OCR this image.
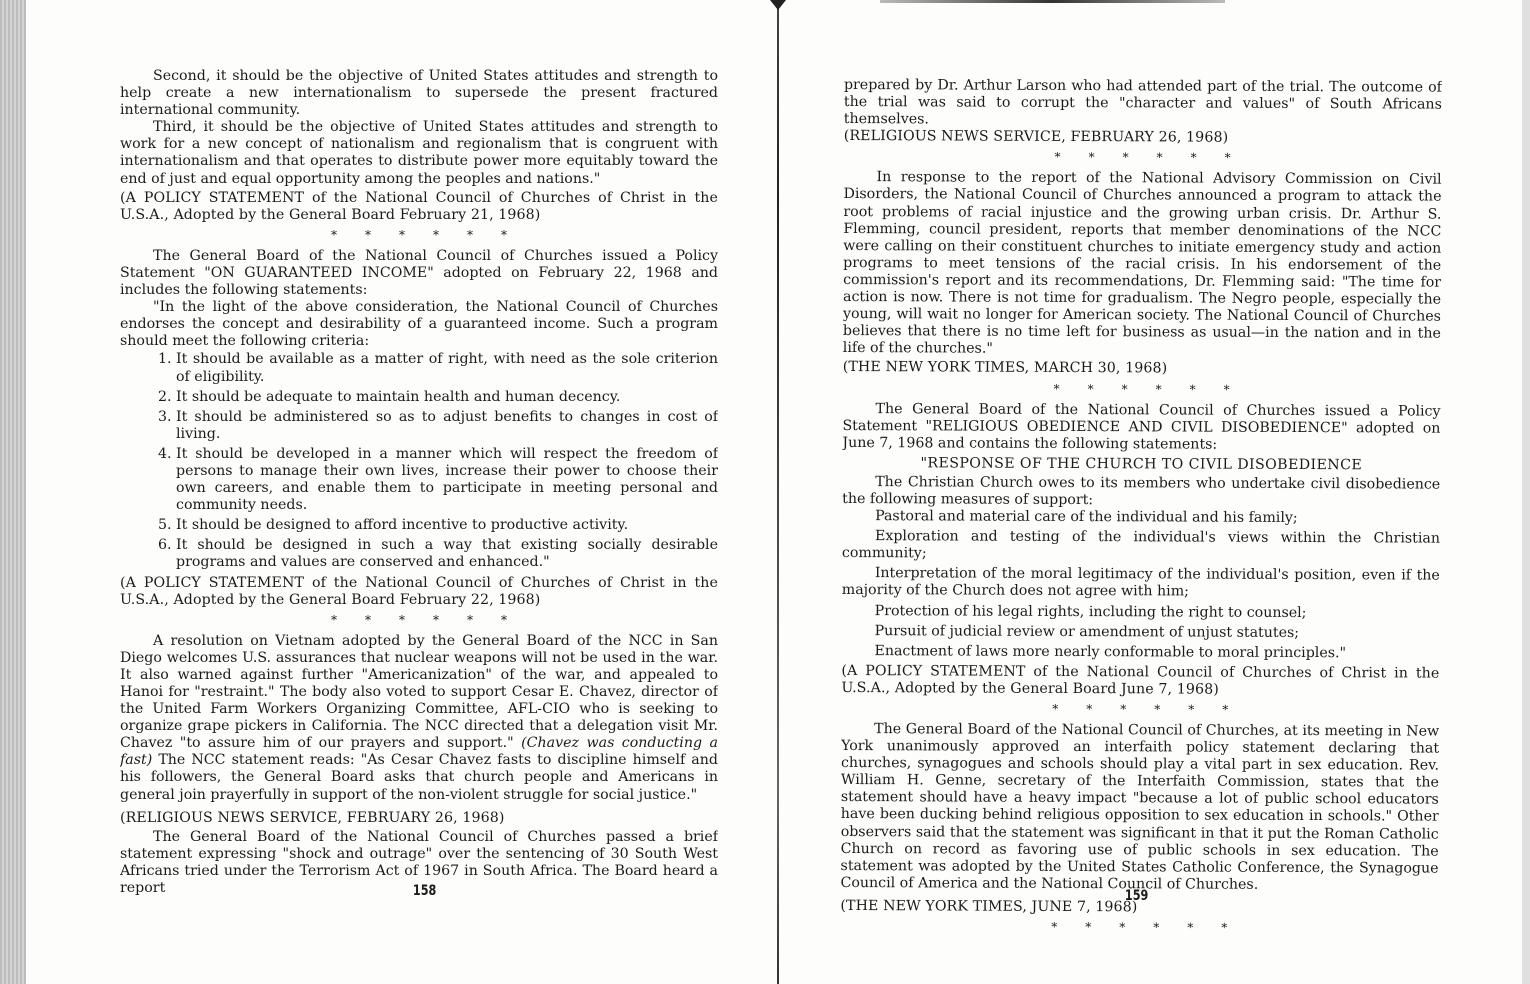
Second, it should be the objective of United States attitudes and strength to help create a new internationalism to supersede the present fractured international community.

Third, it should be the objective of United States attitudes and strength to work for a new concept of nationalism and regionalism that is congruent with internationalism and that operates to distribute power more equitably toward the end of just and equal opportunity among the peoples and nations."

(A POLICY STATEMENT of the National Council of Churches of Christ in the U.S.A., Adopted by the General Board February 21, 1968)

* * * * * *

The General Board of the National Council of Churches issued a Policy Statement "ON GUARANTEED INCOME" adopted on February 22, 1968 and includes the following statements:

"In the light of the above consideration, the National Council of Churches endorses the concept and desirability of a guaranteed income. Such a program should meet the following criteria:

1. It should be available as a matter of right, with need as the sole criterion of eligibility.
2. It should be adequate to maintain health and human decency.
3. It should be administered so as to adjust benefits to changes in cost of living.
4. It should be developed in a manner which will respect the freedom of persons to manage their own lives, increase their power to choose their own careers, and enable them to participate in meeting personal and community needs.
5. It should be designed to afford incentive to productive activity.
6. It should be designed in such a way that existing socially desirable programs and values are conserved and enhanced."

(A POLICY STATEMENT of the National Council of Churches of Christ in the U.S.A., Adopted by the General Board February 22, 1968)

* * * * * *

A resolution on Vietnam adopted by the General Board of the NCC in San Diego welcomes U.S. assurances that nuclear weapons will not be used in the war. It also warned against further "Americanization" of the war, and appealed to Hanoi for "restraint." The body also voted to support Cesar E. Chavez, director of the United Farm Workers Organizing Committee, AFL-CIO who is seeking to organize grape pickers in California. The NCC directed that a delegation visit Mr. Chavez "to assure him of our prayers and support." (Chavez was conducting a fast) The NCC statement reads: "As Cesar Chavez fasts to discipline himself and his followers, the General Board asks that church people and Americans in general join prayerfully in support of the non-violent struggle for social justice."

(RELIGIOUS NEWS SERVICE, FEBRUARY 26, 1968)

The General Board of the National Council of Churches passed a brief statement expressing "shock and outrage" over the sentencing of 30 South West Africans tried under the Terrorism Act of 1967 in South Africa. The Board heard a report	158

prepared by Dr. Arthur Larson who had attended part of the trial. The outcome of the trial was said to corrupt the "character and values" of South Africans themselves.

(RELIGIOUS NEWS SERVICE, FEBRUARY 26, 1968)

* * * * * *

In response to the report of the National Advisory Commission on Civil Disorders, the National Council of Churches announced a program to attack the root problems of racial injustice and the growing urban crisis. Dr. Arthur S. Flemming, council president, reports that member denominations of the NCC were calling on their constituent churches to initiate emergency study and action programs to meet tensions of the racial crisis. In his endorsement of the commission's report and its recommendations, Dr. Flemming said: "The time for action is now. There is not time for gradualism. The Negro people, especially the young, will wait no longer for American society. The National Council of Churches believes that there is no time left for business as usual—in the nation and in the life of the churches."

(THE NEW YORK TIMES, MARCH 30, 1968)

* * * * * *

The General Board of the National Council of Churches issued a Policy Statement "RELIGIOUS OBEDIENCE AND CIVIL DISOBEDIENCE" adopted on June 7, 1968 and contains the following statements:

"RESPONSE OF THE CHURCH TO CIVIL DISOBEDIENCE

The Christian Church owes to its members who undertake civil disobedience the following measures of support:

Pastoral and material care of the individual and his family;

Exploration and testing of the individual's views within the Christian community;

Interpretation of the moral legitimacy of the individual's position, even if the majority of the Church does not agree with him;

Protection of his legal rights, including the right to counsel;

Pursuit of judicial review or amendment of unjust statutes;

Enactment of laws more nearly conformable to moral principles."

(A POLICY STATEMENT of the National Council of Churches of Christ in the U.S.A., Adopted by the General Board June 7, 1968)

* * * * * *

The General Board of the National Council of Churches, at its meeting in New York unanimously approved an interfaith policy statement declaring that churches, synagogues and schools should play a vital part in sex education. Rev. William H. Genne, secretary of the Interfaith Commission, states that the statement should have a heavy impact "because a lot of public school educators have been ducking behind religious opposition to sex education in schools." Other observers said that the statement was significant in that it put the Roman Catholic Church on record as favoring use of public schools in sex education. The statement was adopted by the United States Catholic Conference, the Synagogue Council of America and the National Council of Churches.

(THE NEW YORK TIMES, JUNE 7, 1968)

* * * * * *
159
